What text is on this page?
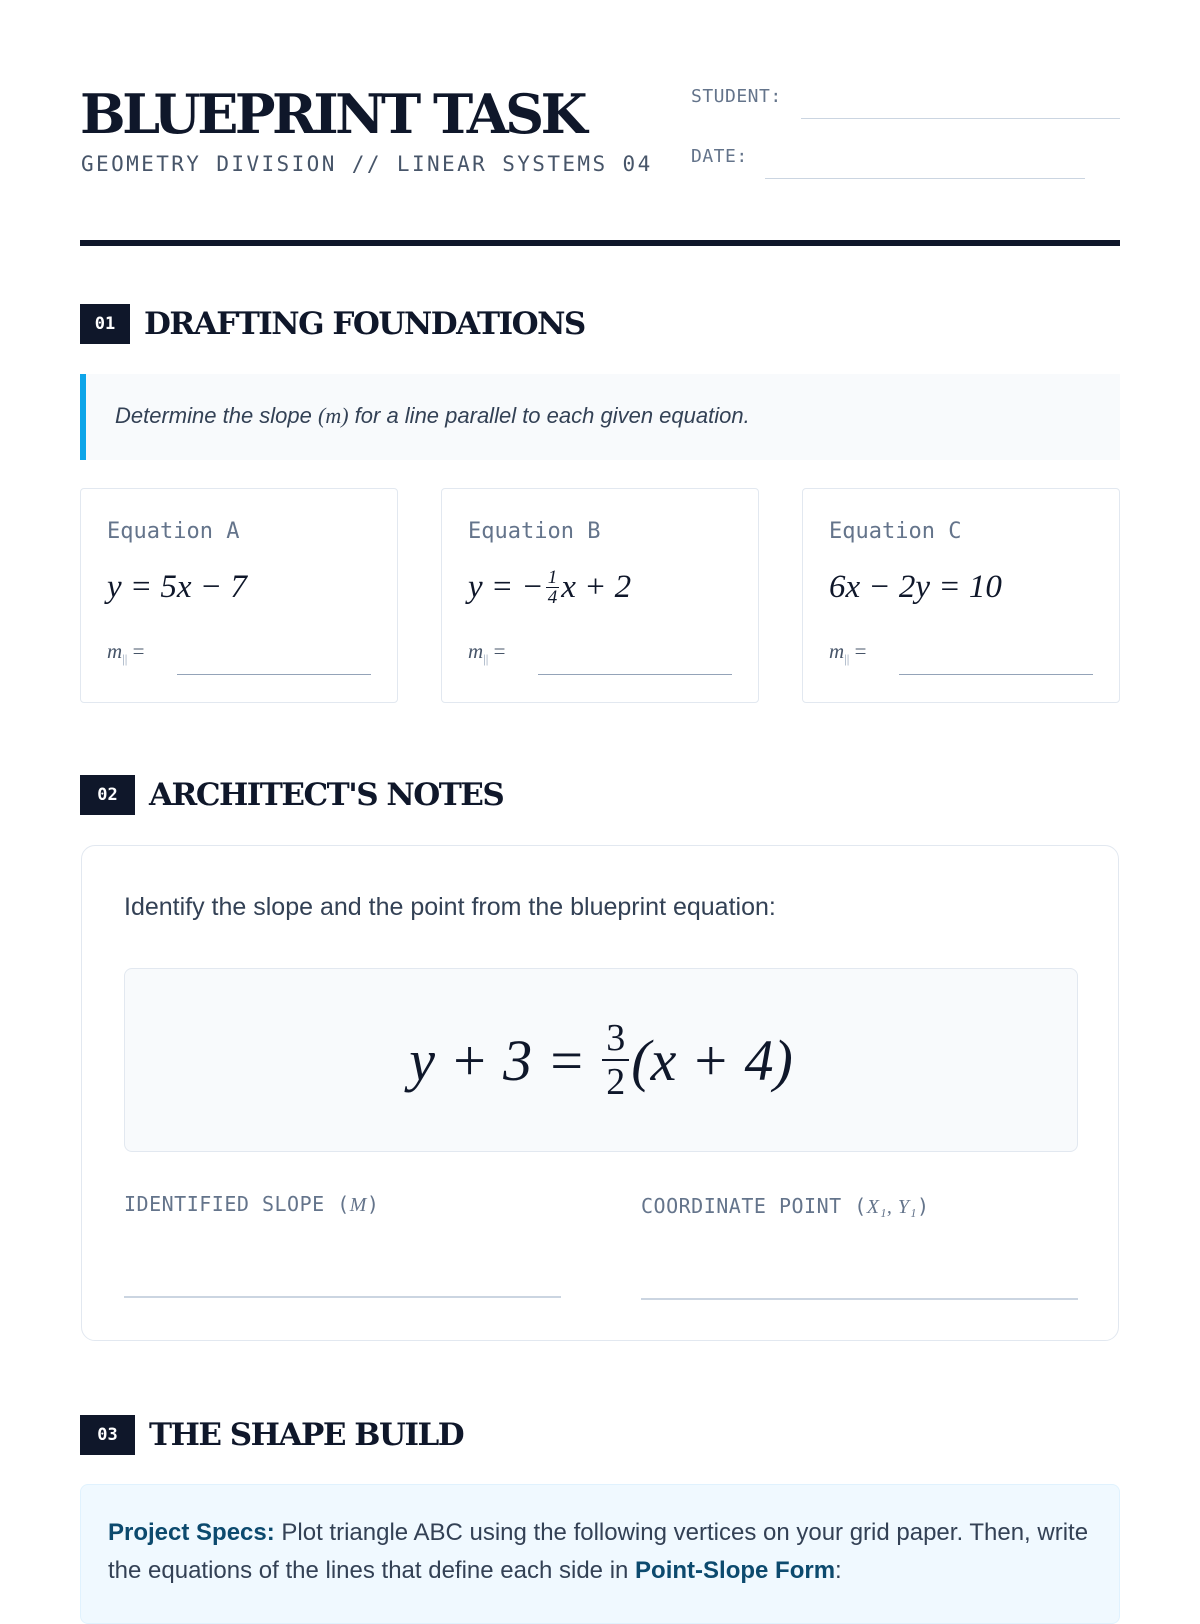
BLUEPRINT TASK
GEOMETRY DIVISION // LINEAR SYSTEMS 04
STUDENT:
DATE:
01 DRAFTING FOUNDATIONS
Determine the slope (m) for a line parallel to each given equation.
Equation A
y = 5x − 7
$m_{||}$ =
Equation B
y = − $\frac{1}{4}$ x + 2
$m_{||}$ =
Equation C
6x − 2y = 10
$m_{||}$ =
02	ARCHITECT'S NOTES
Identify the slope and the point from the blueprint equation:
$y + 3 = \frac{3}{2} (x + 4)$
IDENTIFIED SLOPE (M)	COORDINATE POINT (X₁, Y₁)
03	THE SHAPE BUILD
Project Specs: Plot triangle ABC using the following vertices on your grid paper. Then, write the equations of the lines that define each side in Point-Slope Form:
